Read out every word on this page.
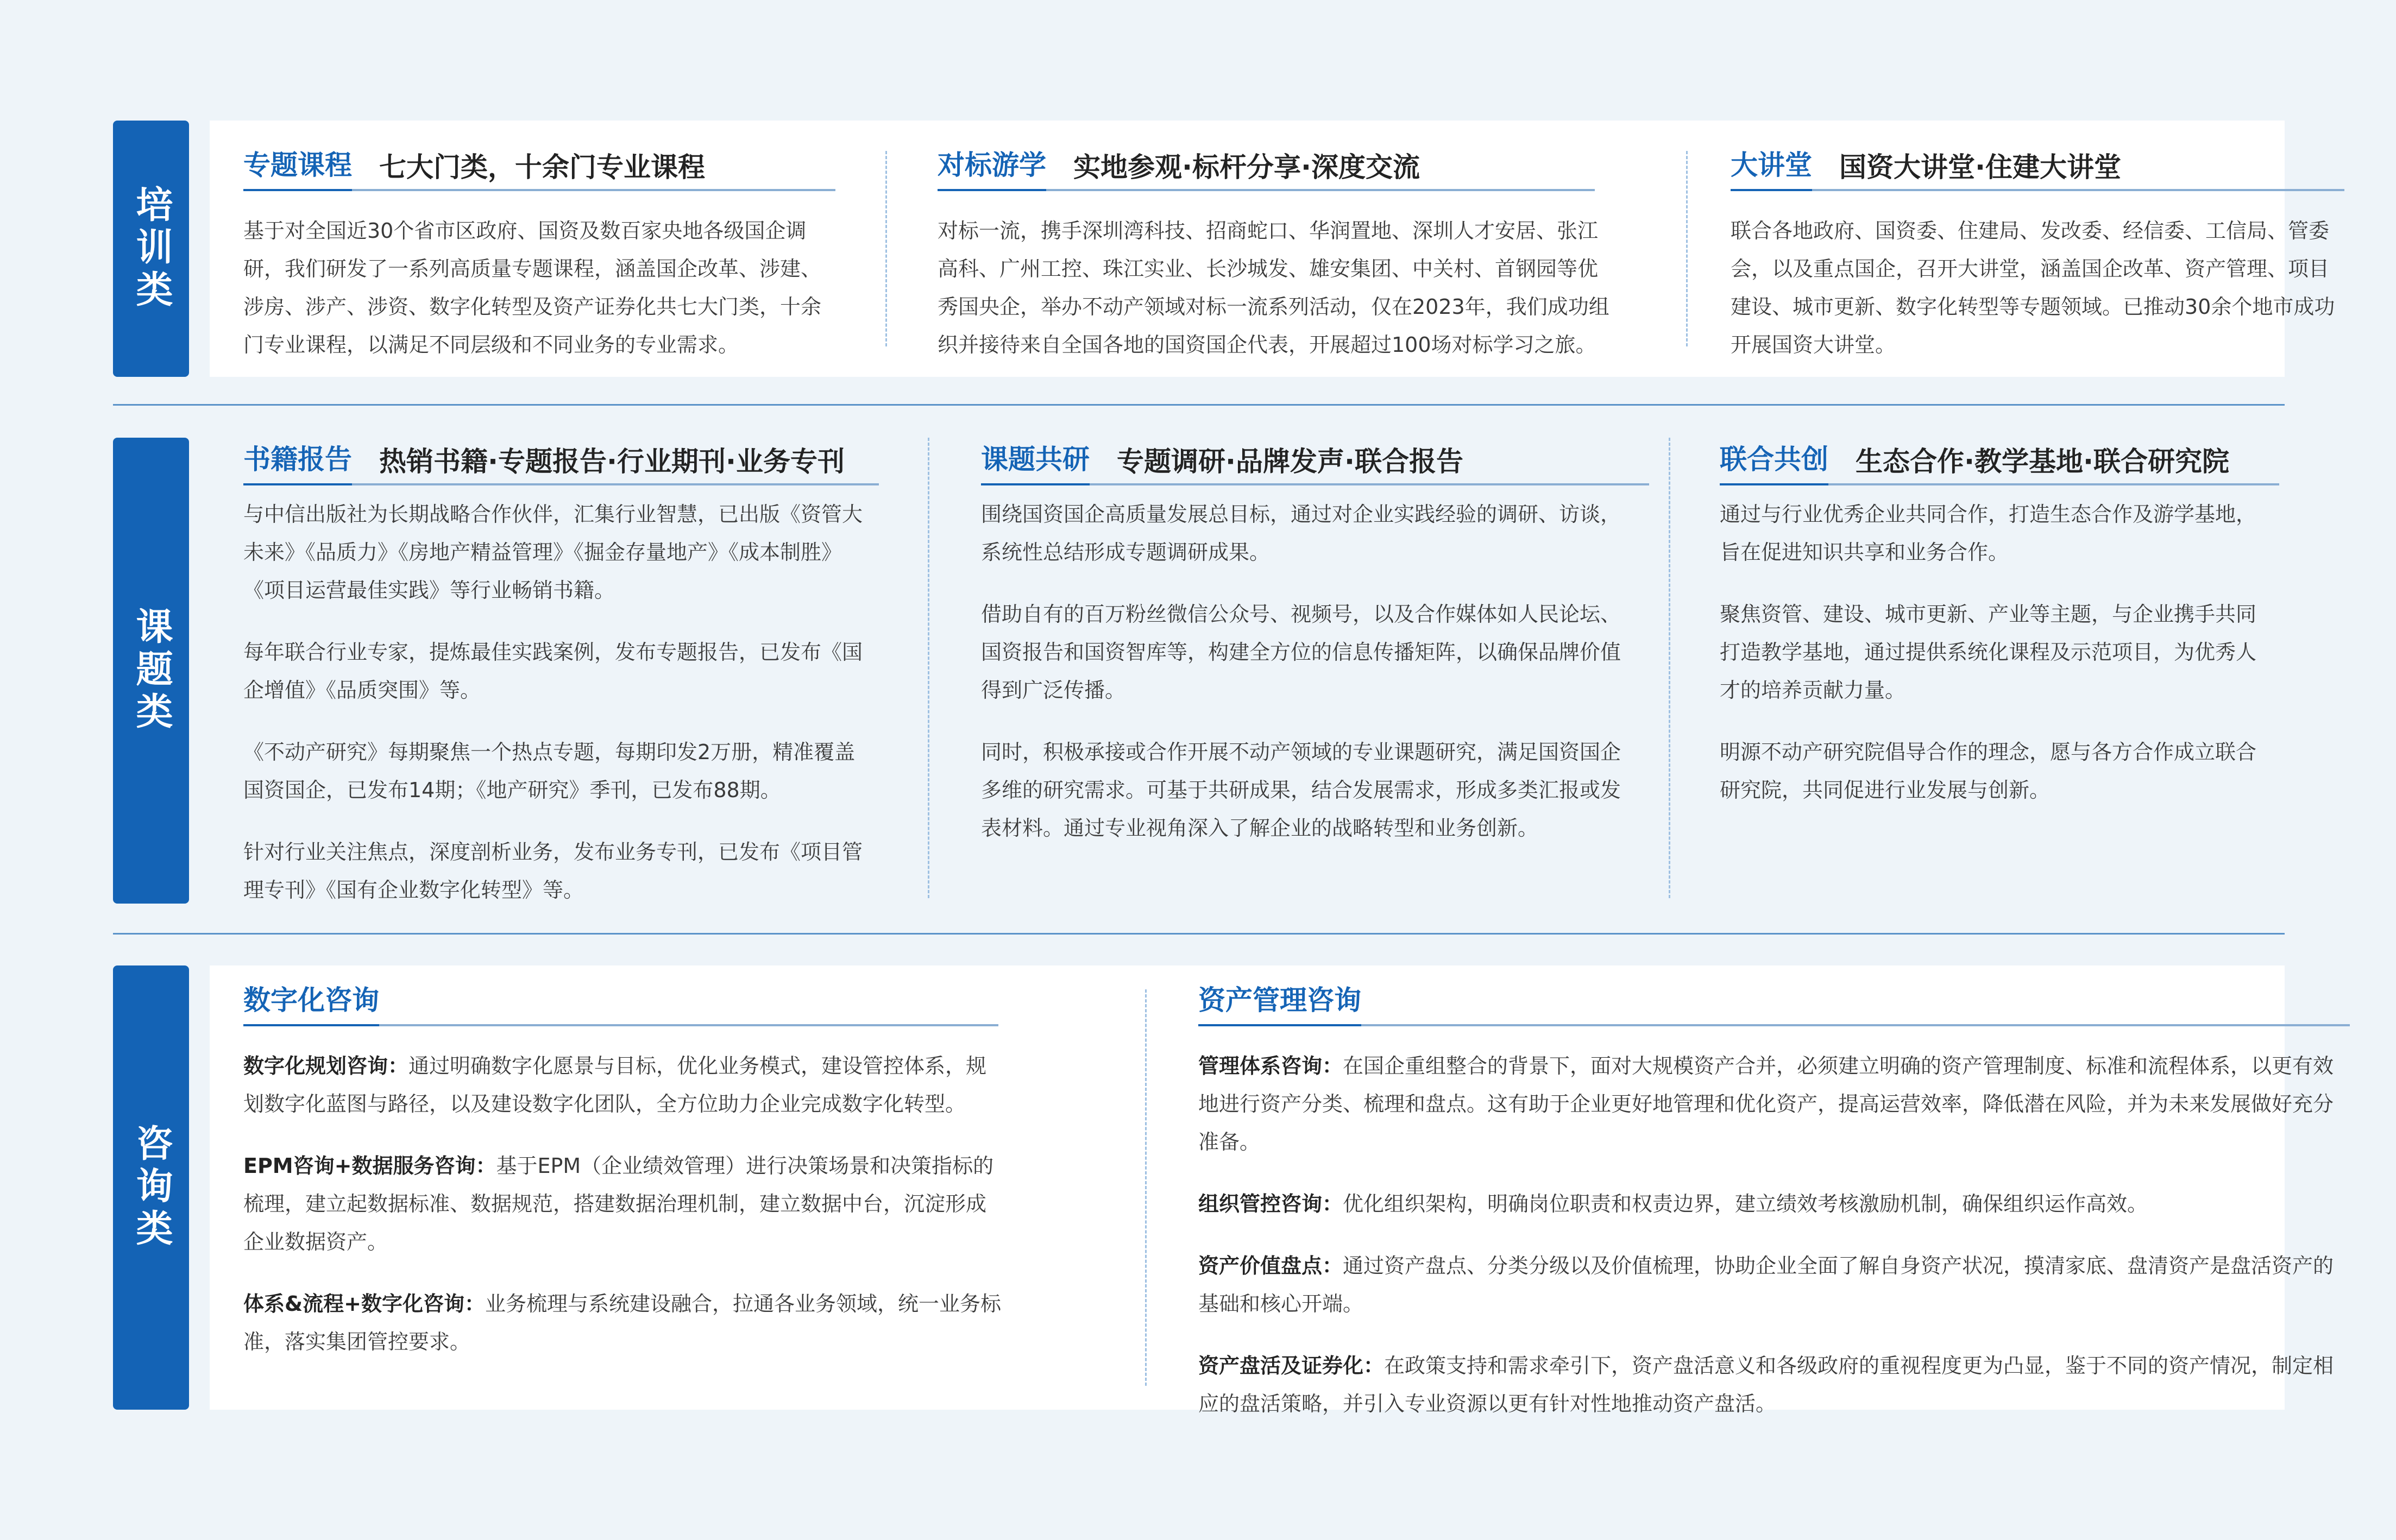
培训类
专题课程 七大门类，十余门专业课程

基于对全国近30个省市区政府、国资及数百家央地各级国企调研，我们研发了一系列高质量专题课程，涵盖国企改革、涉建、涉房、涉产、涉资、数字化转型及资产证券化共七大门类，十余门专业课程，以满足不同层级和不同业务的专业需求。

对标游学 实地参观·标杆分享·深度交流

对标一流，携手深圳湾科技、招商蛇口、华润置地、深圳人才安居、张江高科、广州工控、珠江实业、长沙城发、雄安集团、中关村、首钢园等优秀国央企，举办不动产领域对标一流系列活动，仅在2023年，我们成功组织并接待来自全国各地的国资国企代表，开展超过100场对标学习之旅。

大讲堂 国资大讲堂·住建大讲堂

联合各地政府、国资委、住建局、发改委、经信委、工信局、管委会，以及重点国企，召开大讲堂，涵盖国企改革、资产管理、项目建设、城市更新、数字化转型等专题领域。已推动30余个地市成功开展国资大讲堂。

课题类
书籍报告 热销书籍·专题报告·行业期刊·业务专刊

与中信出版社为长期战略合作伙伴，汇集行业智慧，已出版《资管大未来》《品质力》《房地产精益管理》《掘金存量地产》《成本制胜》《项目运营最佳实践》等行业畅销书籍。

每年联合行业专家，提炼最佳实践案例，发布专题报告，已发布《国企增值》《品质突围》等。

《不动产研究》每期聚焦一个热点专题，每期印发2万册，精准覆盖国资国企，已发布14期；《地产研究》季刊，已发布88期。

针对行业关注焦点，深度剖析业务，发布业务专刊，已发布《项目管理专刊》《国有企业数字化转型》等。

课题共研 专题调研·品牌发声·联合报告

围绕国资国企高质量发展总目标，通过对企业实践经验的调研、访谈，系统性总结形成专题调研成果。

借助自有的百万粉丝微信公众号、视频号，以及合作媒体如人民论坛、国资报告和国资智库等，构建全方位的信息传播矩阵，以确保品牌价值得到广泛传播。

同时，积极承接或合作开展不动产领域的专业课题研究，满足国资国企多维的研究需求。可基于共研成果，结合发展需求，形成多类汇报或发表材料。通过专业视角深入了解企业的战略转型和业务创新。

联合共创 生态合作·教学基地·联合研究院

通过与行业优秀企业共同合作，打造生态合作及游学基地，旨在促进知识共享和业务合作。

聚焦资管、建设、城市更新、产业等主题，与企业携手共同打造教学基地，通过提供系统化课程及示范项目，为优秀人才的培养贡献力量。

明源不动产研究院倡导合作的理念，愿与各方合作成立联合研究院，共同促进行业发展与创新。

咨询类
数字化咨询

数字化规划咨询：通过明确数字化愿景与目标，优化业务模式，建设管控体系，规划数字化蓝图与路径，以及建设数字化团队，全方位助力企业完成数字化转型。

EPM咨询+数据服务咨询：基于EPM（企业绩效管理）进行决策场景和决策指标的梳理，建立起数据标准、数据规范，搭建数据治理机制，建立数据中台，沉淀形成企业数据资产。

体系&流程+数字化咨询：业务梳理与系统建设融合，拉通各业务领域，统一业务标准，落实集团管控要求。

资产管理咨询

管理体系咨询：在国企重组整合的背景下，面对大规模资产合并，必须建立明确的资产管理制度、标准和流程体系，以更有效地进行资产分类、梳理和盘点。这有助于企业更好地管理和优化资产，提高运营效率，降低潜在风险，并为未来发展做好充分准备。

组织管控咨询：优化组织架构，明确岗位职责和权责边界，建立绩效考核激励机制，确保组织运作高效。

资产价值盘点：通过资产盘点、分类分级以及价值梳理，协助企业全面了解自身资产状况，摸清家底、盘清资产是盘活资产的基础和核心开端。

资产盘活及证券化：在政策支持和需求牵引下，资产盘活意义和各级政府的重视程度更为凸显，鉴于不同的资产情况，制定相应的盘活策略，并引入专业资源以更有针对性地推动资产盘活。
